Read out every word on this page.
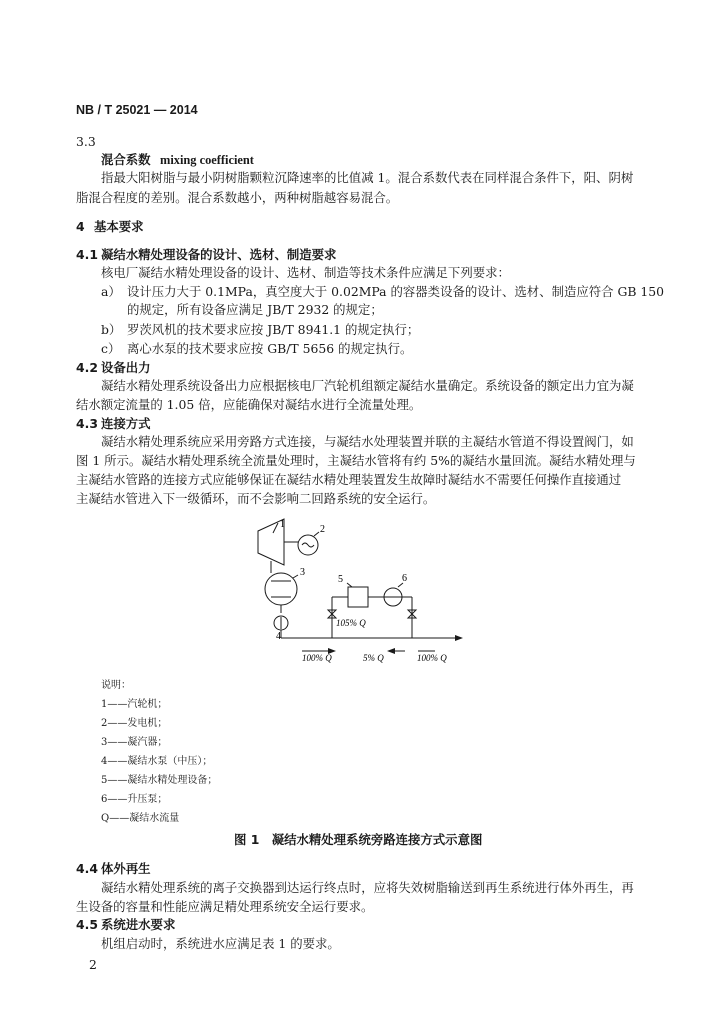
NB / T 25021 — 2014
3.3
混合系数 mixing coefficient
指最大阳树脂与最小阴树脂颗粒沉降速率的比值减 1。混合系数代表在同样混合条件下，阳、阴树
脂混合程度的差别。混合系数越小，两种树脂越容易混合。
4 基本要求
4.1 凝结水精处理设备的设计、选材、制造要求
核电厂凝结水精处理设备的设计、选材、制造等技术条件应满足下列要求：
a） 设计压力大于 0.1MPa，真空度大于 0.02MPa 的容器类设备的设计、选材、制造应符合 GB 150
的规定，所有设备应满足 JB/T 2932 的规定；
b） 罗茨风机的技术要求应按 JB/T 8941.1 的规定执行；
c） 离心水泵的技术要求应按 GB/T 5656 的规定执行。
4.2 设备出力
凝结水精处理系统设备出力应根据核电厂汽轮机组额定凝结水量确定。系统设备的额定出力宜为凝
结水额定流量的 1.05 倍，应能确保对凝结水进行全流量处理。
4.3 连接方式
凝结水精处理系统应采用旁路方式连接，与凝结水处理装置并联的主凝结水管道不得设置阀门，如
图 1 所示。凝结水精处理系统全流量处理时，主凝结水管将有约 5%的凝结水量回流。凝结水精处理与
主凝结水管路的连接方式应能够保证在凝结水精处理装置发生故障时凝结水不需要任何操作直接通过
主凝结水管进入下一级循环，而不会影响二回路系统的安全运行。
1	2
3
4
5	6
105% Q
100% Q	5% Q	100% Q
说明：
1——汽轮机；
2——发电机；
3——凝汽器；
4——凝结水泵（中压）；
5——凝结水精处理设备；
6——升压泵；
Q——凝结水流量
图 1　凝结水精处理系统旁路连接方式示意图
4.4 体外再生
凝结水精处理系统的离子交换器到达运行终点时，应将失效树脂输送到再生系统进行体外再生，再
生设备的容量和性能应满足精处理系统安全运行要求。
4.5 系统进水要求
机组启动时，系统进水应满足表 1 的要求。
2
